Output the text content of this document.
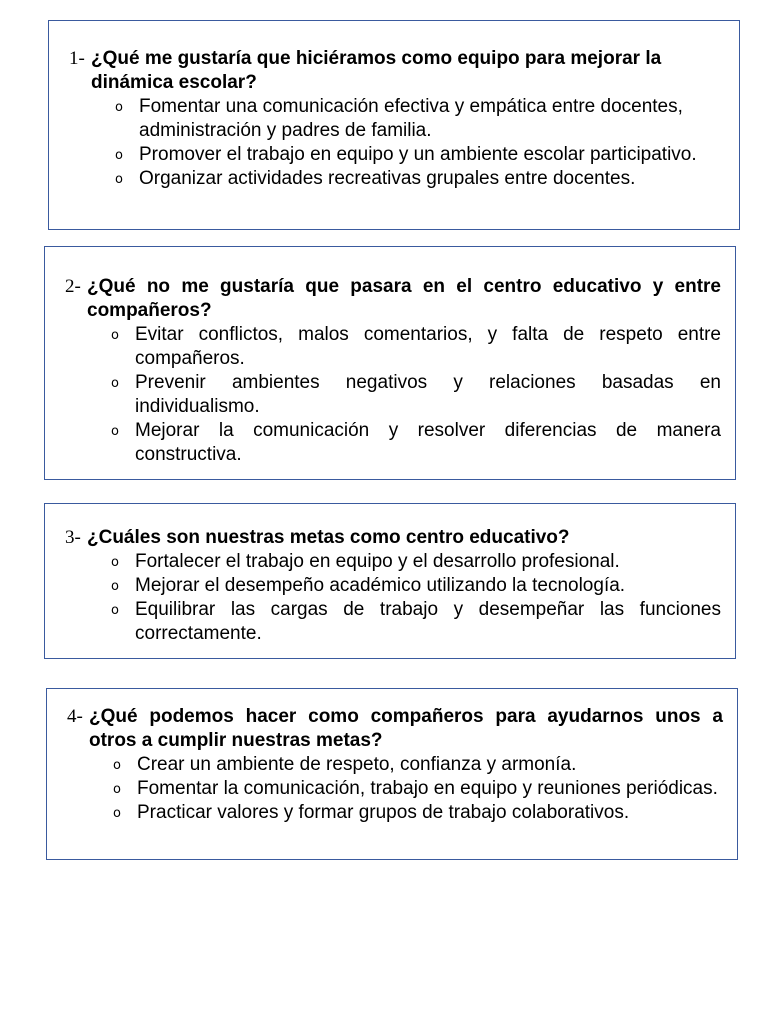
1- ¿Qué me gustaría que hiciéramos como equipo para mejorar la dinámica escolar?
o Fomentar una comunicación efectiva y empática entre docentes, administración y padres de familia.
o Promover el trabajo en equipo y un ambiente escolar participativo.
o Organizar actividades recreativas grupales entre docentes.
2- ¿Qué no me gustaría que pasara en el centro educativo y entre compañeros?
o Evitar conflictos, malos comentarios, y falta de respeto entre compañeros.
o Prevenir ambientes negativos y relaciones basadas en individualismo.
o Mejorar la comunicación y resolver diferencias de manera constructiva.
3- ¿Cuáles son nuestras metas como centro educativo?
o Fortalecer el trabajo en equipo y el desarrollo profesional.
o Mejorar el desempeño académico utilizando la tecnología.
o Equilibrar las cargas de trabajo y desempeñar las funciones correctamente.
4- ¿Qué podemos hacer como compañeros para ayudarnos unos a otros a cumplir nuestras metas?
o Crear un ambiente de respeto, confianza y armonía.
o Fomentar la comunicación, trabajo en equipo y reuniones periódicas.
o Practicar valores y formar grupos de trabajo colaborativos.
